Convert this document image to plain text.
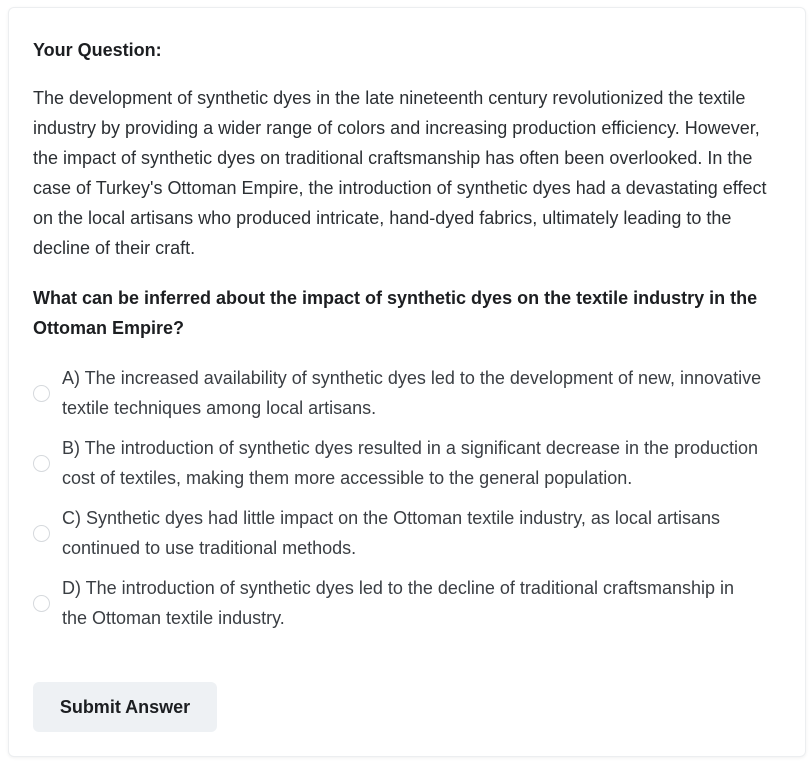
Your Question:
The development of synthetic dyes in the late nineteenth century revolutionized the textile industry by providing a wider range of colors and increasing production efficiency. However, the impact of synthetic dyes on traditional craftsmanship has often been overlooked. In the case of Turkey's Ottoman Empire, the introduction of synthetic dyes had a devastating effect on the local artisans who produced intricate, hand-dyed fabrics, ultimately leading to the decline of their craft.
What can be inferred about the impact of synthetic dyes on the textile industry in the Ottoman Empire?
A) The increased availability of synthetic dyes led to the development of new, innovative textile techniques among local artisans.
B) The introduction of synthetic dyes resulted in a significant decrease in the production cost of textiles, making them more accessible to the general population.
C) Synthetic dyes had little impact on the Ottoman textile industry, as local artisans continued to use traditional methods.
D) The introduction of synthetic dyes led to the decline of traditional craftsmanship in the Ottoman textile industry.
Submit Answer
